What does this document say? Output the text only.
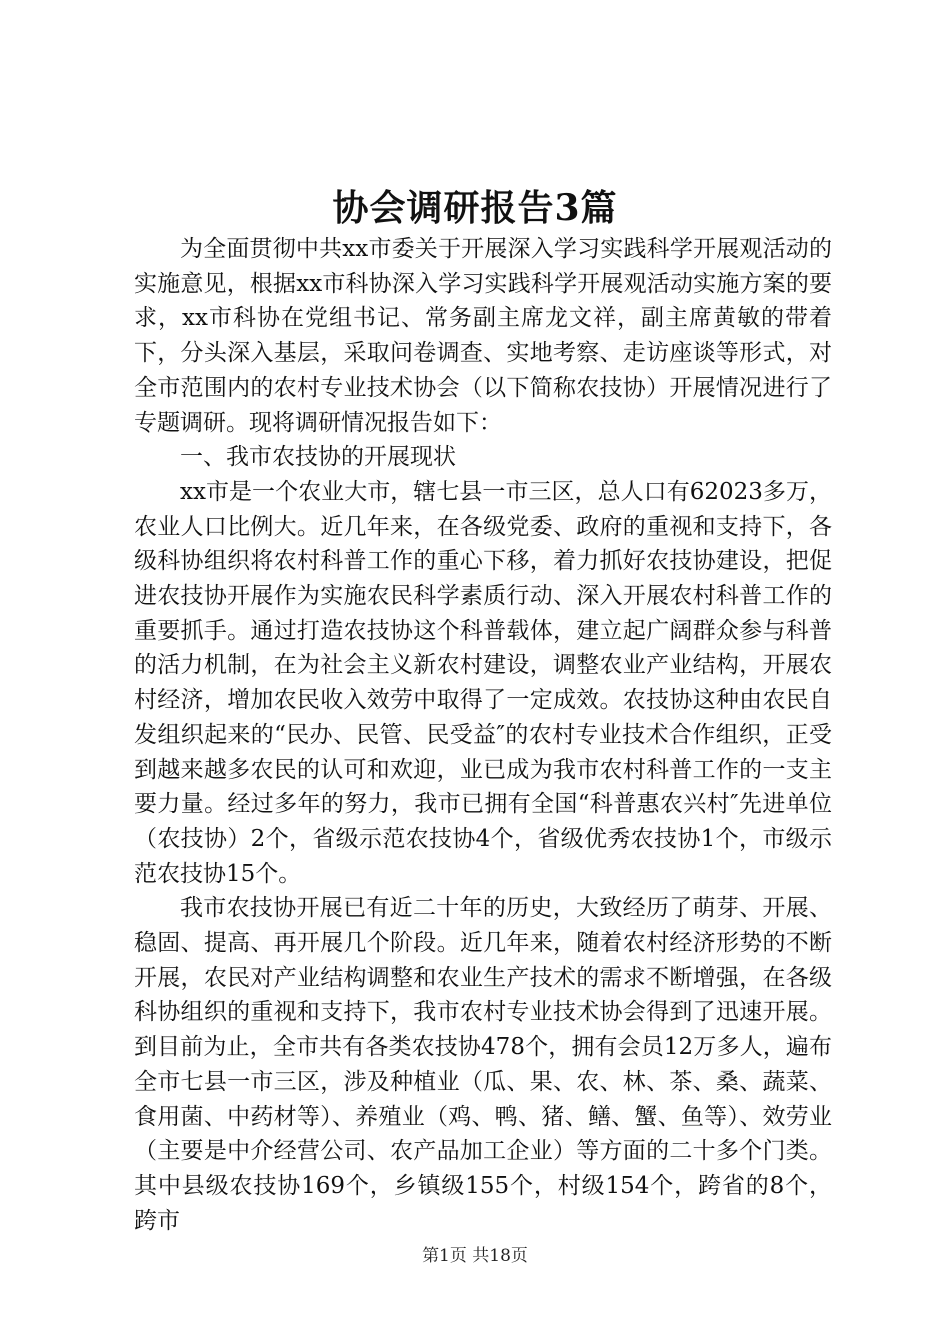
协会调研报告3篇

为全面贯彻中共xx市委关于开展深入学习实践科学开展观活动的实施意见，根据xx市科协深入学习实践科学开展观活动实施方案的要求，xx市科协在党组书记、常务副主席龙文祥，副主席黄敏的带着下，分头深入基层，采取问卷调查、实地考察、走访座谈等形式，对全市范围内的农村专业技术协会（以下简称农技协）开展情况进行了专题调研。现将调研情况报告如下：

一、我市农技协的开展现状

xx市是一个农业大市，辖七县一市三区，总人口有62023多万，农业人口比例大。近几年来，在各级党委、政府的重视和支持下，各级科协组织将农村科普工作的重心下移，着力抓好农技协建设，把促进农技协开展作为实施农民科学素质行动、深入开展农村科普工作的重要抓手。通过打造农技协这个科普载体，建立起广阔群众参与科普的活力机制，在为社会主义新农村建设，调整农业产业结构，开展农村经济，增加农民收入效劳中取得了一定成效。农技协这种由农民自发组织起来的“民办、民管、民受益″的农村专业技术合作组织，正受到越来越多农民的认可和欢迎，业已成为我市农村科普工作的一支主要力量。经过多年的努力，我市已拥有全国“科普惠农兴村″先进单位（农技协）2个，省级示范农技协4个，省级优秀农技协1个，市级示范农技协15个。

我市农技协开展已有近二十年的历史，大致经历了萌芽、开展、稳固、提高、再开展几个阶段。近几年来，随着农村经济形势的不断开展，农民对产业结构调整和农业生产技术的需求不断增强，在各级科协组织的重视和支持下，我市农村专业技术协会得到了迅速开展。到目前为止，全市共有各类农技协478个，拥有会员12万多人，遍布全市七县一市三区，涉及种植业（瓜、果、农、林、茶、桑、蔬菜、食用菌、中药材等）、养殖业（鸡、鸭、猪、鳝、蟹、鱼等）、效劳业（主要是中介经营公司、农产品加工企业）等方面的二十多个门类。其中县级农技协169个，乡镇级155个，村级154个，跨省的8个，跨市

第1页 共18页
